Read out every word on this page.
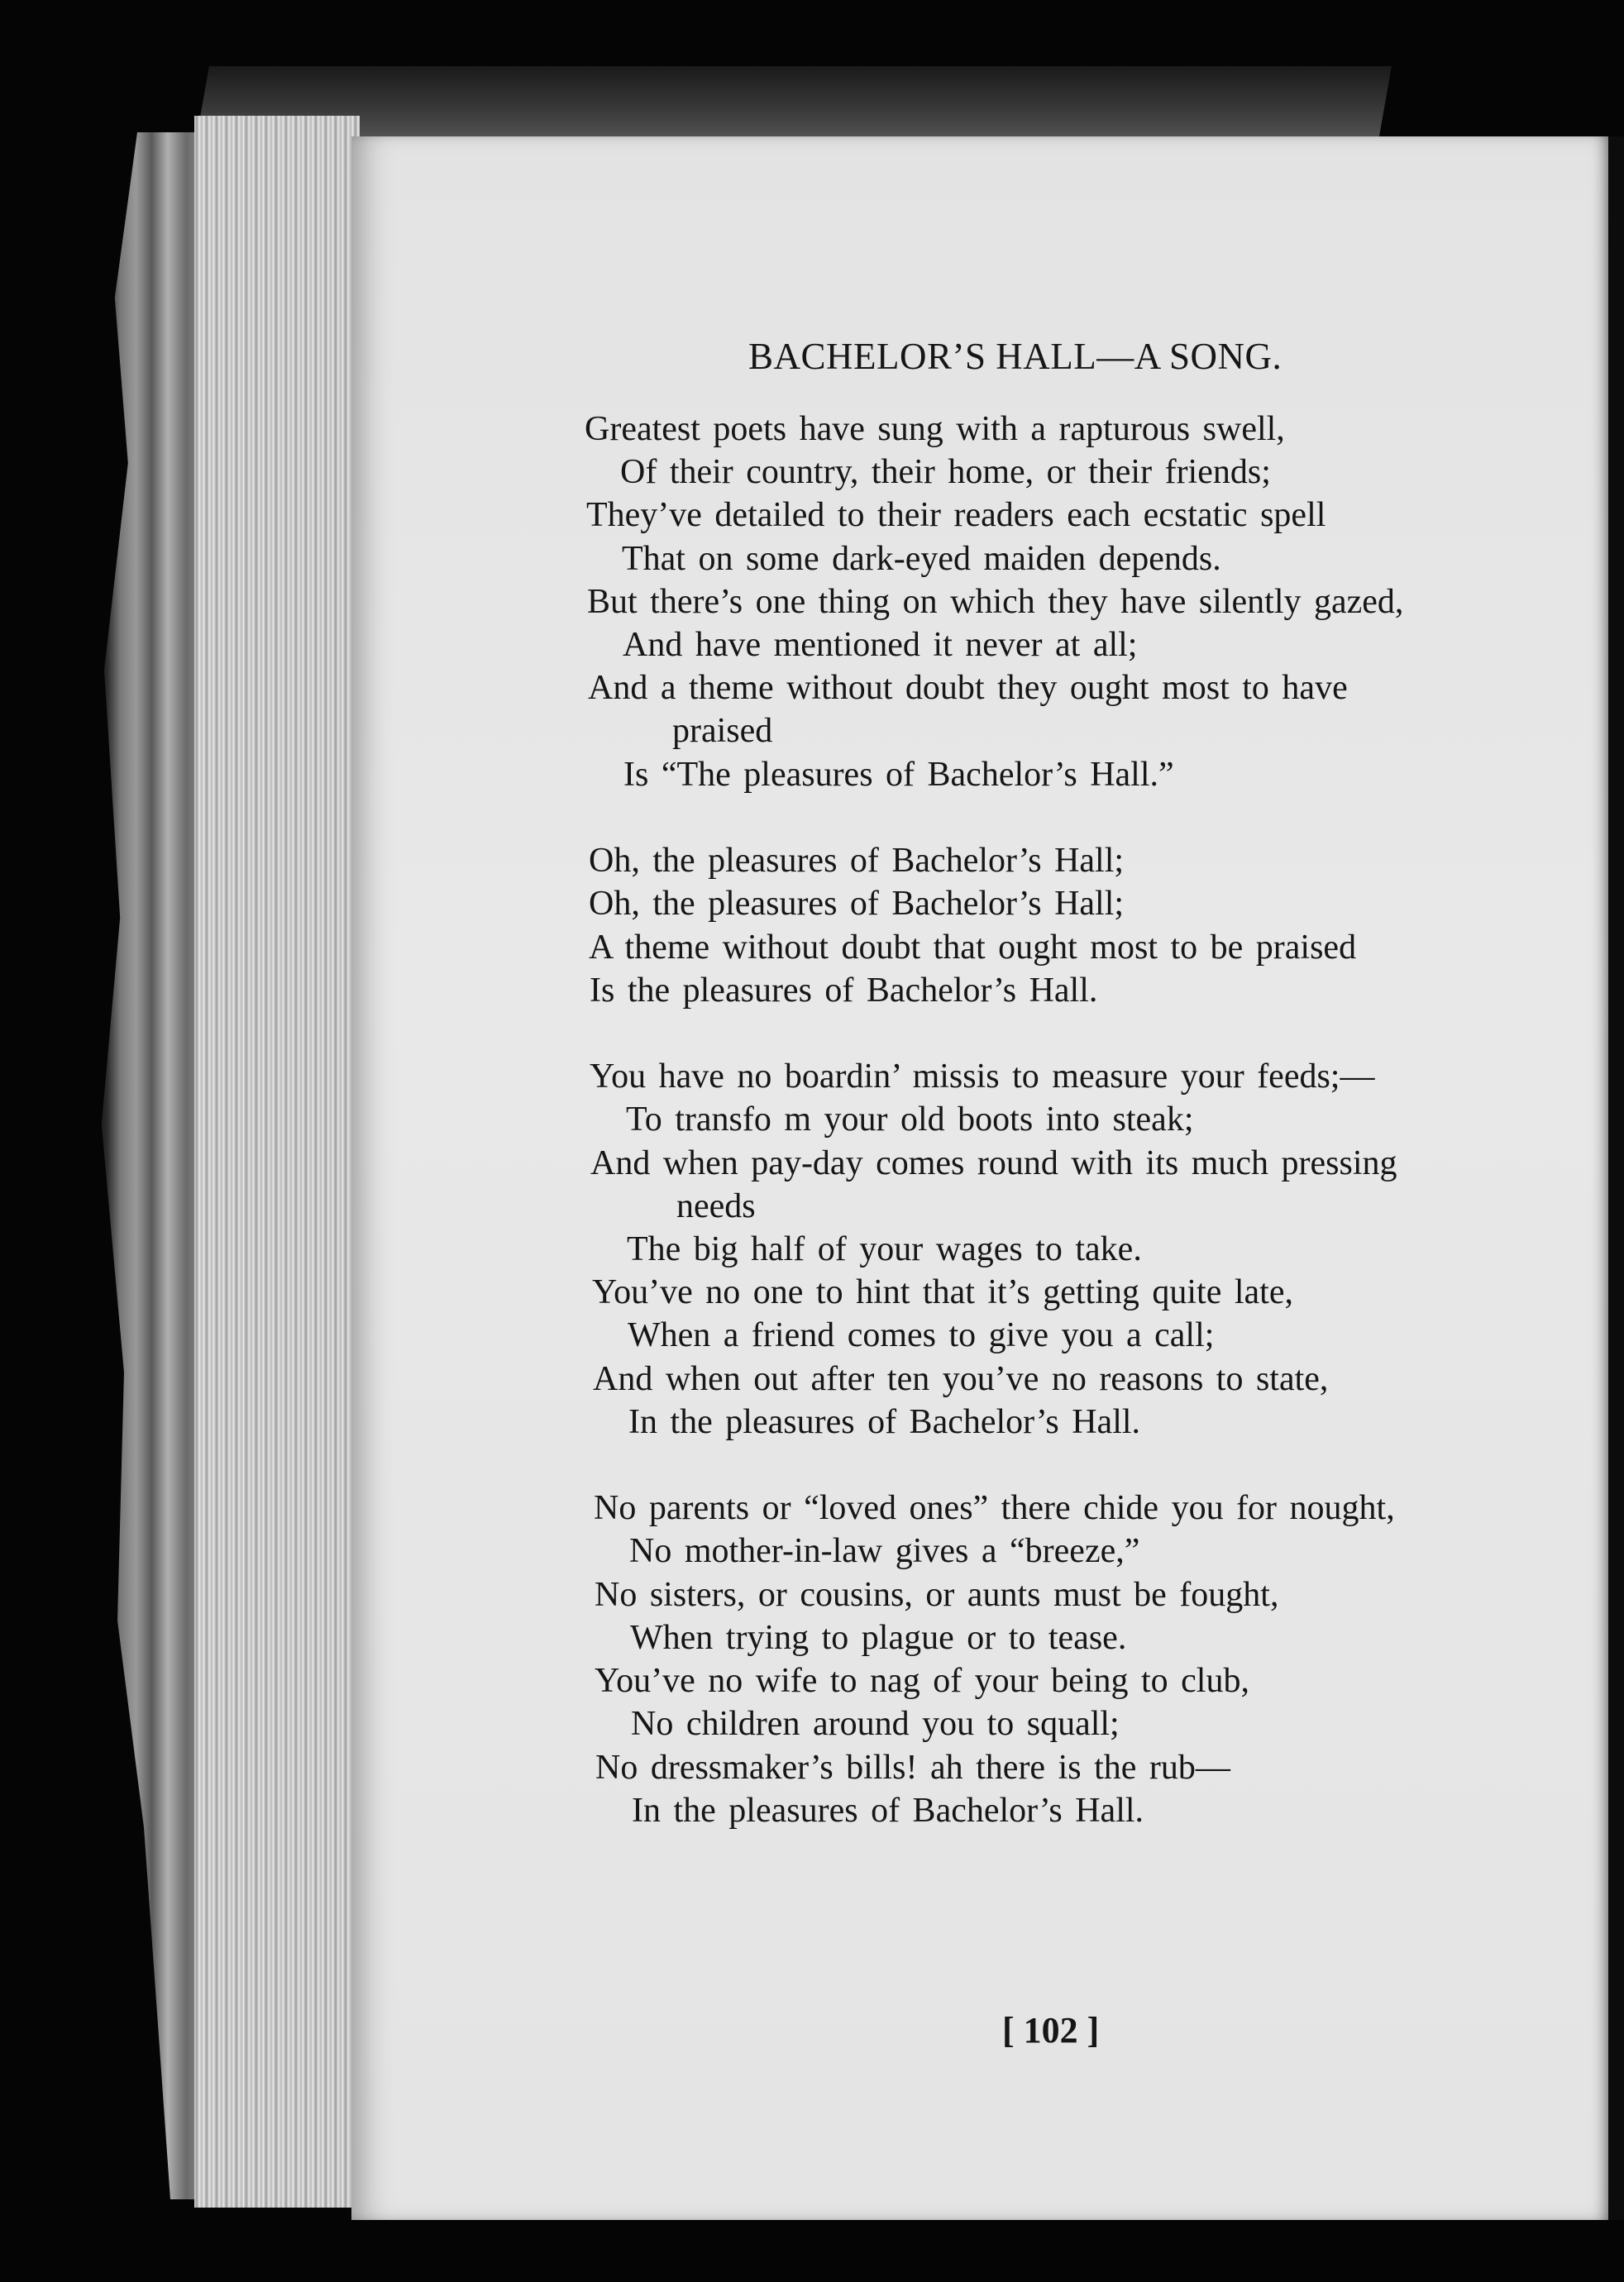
BACHELOR’S HALL—A SONG.
Greatest poets have sung with a rapturous swell,
Of their country, their home, or their friends;
They’ve detailed to their readers each ecstatic spell
That on some dark-eyed maiden depends.
But there’s one thing on which they have silently gazed,
And have mentioned it never at all;
And a theme without doubt they ought most to have
praised
Is “The pleasures of Bachelor’s Hall.”
Oh, the pleasures of Bachelor’s Hall;
Oh, the pleasures of Bachelor’s Hall;
A theme without doubt that ought most to be praised
Is the pleasures of Bachelor’s Hall.
You have no boardin’ missis to measure your feeds;—
To transfo m your old boots into steak;
And when pay-day comes round with its much pressing
needs
The big half of your wages to take.
You’ve no one to hint that it’s getting quite late,
When a friend comes to give you a call;
And when out after ten you’ve no reasons to state,
In the pleasures of Bachelor’s Hall.
No parents or “loved ones” there chide you for nought,
No mother-in-law gives a “breeze,”
No sisters, or cousins, or aunts must be fought,
When trying to plague or to tease.
You’ve no wife to nag of your being to club,
No children around you to squall;
No dressmaker’s bills! ah there is the rub—
In the pleasures of Bachelor’s Hall.
[ 102 ]
